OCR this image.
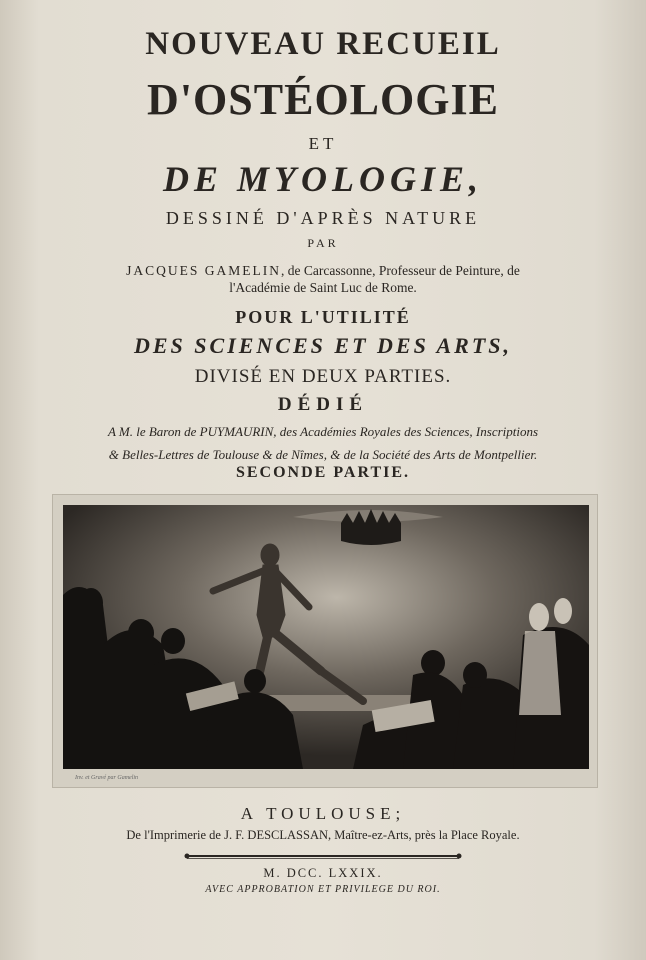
NOUVEAU RECUEIL
D'OSTÉOLOGIE
ET
DE MYOLOGIE,
DESSINÉ D'APRÈS NATURE
PAR
JACQUES GAMELIN, de Carcassonne, Professeur de Peinture, de
l'Académie de Saint Luc de Rome.
POUR L'UTILITÉ
DES SCIENCES ET DES ARTS,
DIVISÉ EN DEUX PARTIES.
DÉDIÉ
A M. le Baron de PUYMAURIN, des Académies Royales des Sciences, Inscriptions
& Belles-Lettres de Toulouse & de Nîmes, & de la Société des Arts de Montpellier.
SECONDE PARTIE.
Inv. et Gravé par Gamelin
A TOULOUSE;
De l'Imprimerie de J. F. DESCLASSAN, Maître-ez-Arts, près la Place Royale.
M. DCC. LXXIX.
AVEC APPROBATION ET PRIVILEGE DU ROI.
